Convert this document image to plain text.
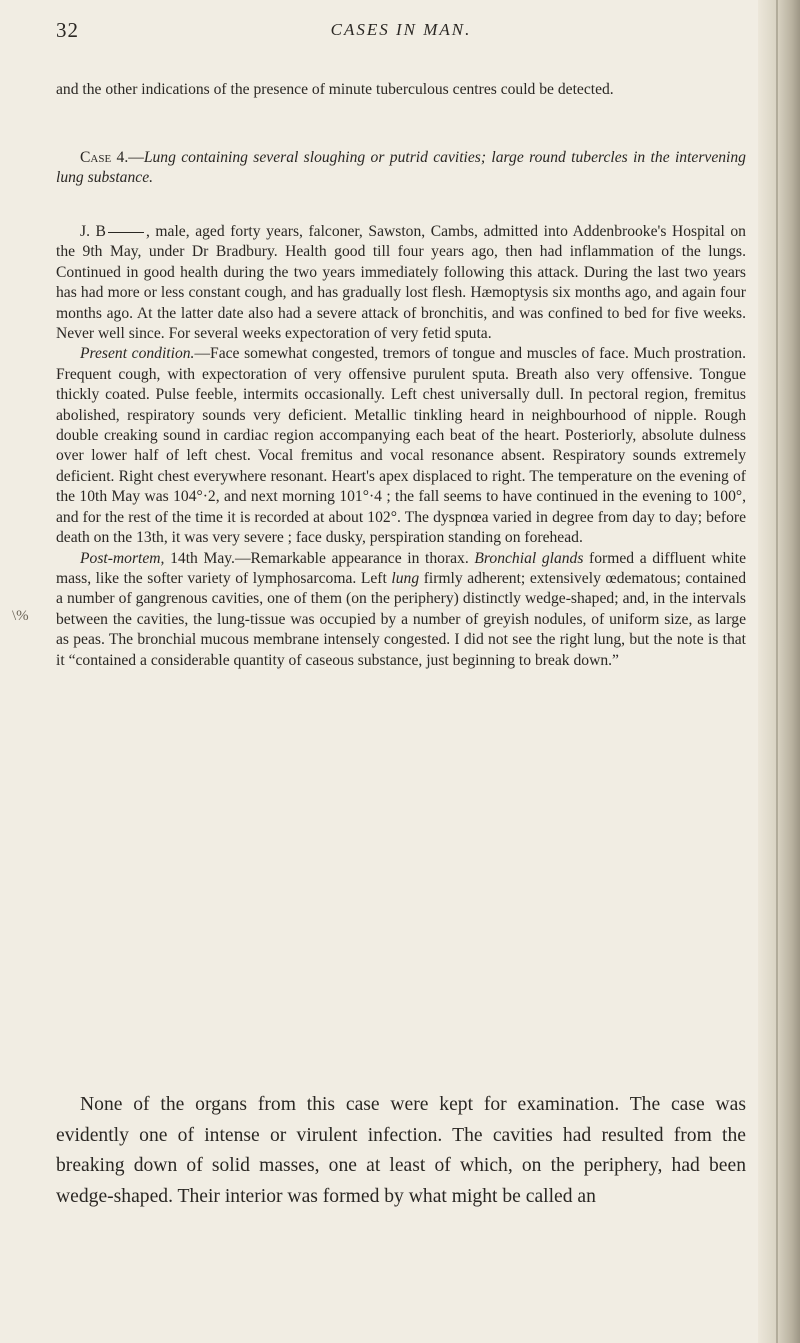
32	CASES IN MAN.

and the other indications of the presence of minute tuberculous centres could be detected.

Case 4.—Lung containing several sloughing or putrid cavities; large round tubercles in the intervening lung substance.

J. B	, male, aged forty years, falconer, Sawston, Cambs, admitted into Addenbrooke's Hospital on the 9th May, under Dr Bradbury. Health good till four years ago, then had inflammation of the lungs. Continued in good health during the two years immediately following this attack. During the last two years has had more or less constant cough, and has gradually lost flesh. Hæmoptysis six months ago, and again four months ago. At the latter date also had a severe attack of bronchitis, and was confined to bed for five weeks. Never well since. For several weeks expectoration of very fetid sputa.

Present condition.—Face somewhat congested, tremors of tongue and muscles of face. Much prostration. Frequent cough, with expectoration of very offensive purulent sputa. Breath also very offensive. Tongue thickly coated. Pulse feeble, intermits occasionally. Left chest universally dull. In pectoral region, fremitus abolished, respiratory sounds very deficient. Metallic tinkling heard in neighbourhood of nipple. Rough double creaking sound in cardiac region accompanying each beat of the heart. Posteriorly, absolute dulness over lower half of left chest. Vocal fremitus and vocal resonance absent. Respiratory sounds extremely deficient. Right chest everywhere resonant. Heart's apex displaced to right. The temperature on the evening of the 10th May was 104°·2, and next morning 101°·4 ; the fall seems to have continued in the evening to 100°, and for the rest of the time it is recorded at about 102°. The dyspnœa varied in degree from day to day; before death on the 13th, it was very severe ; face dusky, perspiration standing on forehead.

Post-mortem, 14th May.—Remarkable appearance in thorax. Bronchial glands formed a diffluent white mass, like the softer variety of lymphosarcoma. Left lung firmly adherent; extensively œdematous; contained a number of gangrenous cavities, one of them (on the periphery) distinctly wedge-shaped; and, in the intervals between the cavities, the lung-tissue was occupied by a number of greyish nodules, of uniform size, as large as peas. The bronchial mucous membrane intensely congested. I did not see the right lung, but the note is that it “contained a considerable quantity of caseous substance, just beginning to break down.”

None of the organs from this case were kept for examination. The case was evidently one of intense or virulent infection. The cavities had resulted from the breaking down of solid masses, one at least of which, on the periphery, had been wedge-shaped. Their interior was formed by what might be called an

\%
